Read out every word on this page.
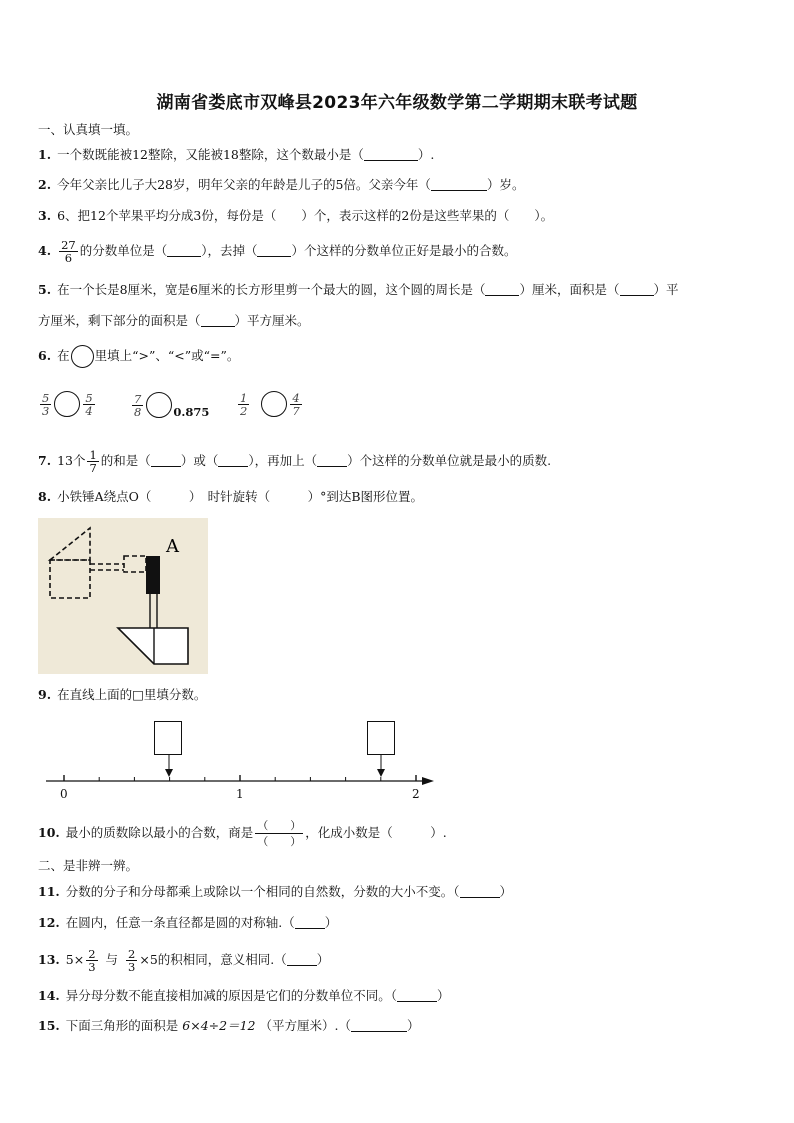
湖南省娄底市双峰县2023年六年级数学第二学期期末联考试题
一、认真填一填。
1. 一个数既能被12整除，又能被18整除，这个数最小是（	）.
2. 今年父亲比儿子大28岁，明年父亲的年龄是儿子的5倍。父亲今年（	）岁。
3. 6、把12个苹果平均分成3份，每份是（　　）个，表示这样的2份是这些苹果的（　　）。
4. $\frac{27}{6}$ 的分数单位是（	），去掉（	）个这样的分数单位正好是最小的合数。
5. 在一个长是8厘米，宽是6厘米的长方形里剪一个最大的圆，这个圆的周长是（	）厘米，面积是（	）平
方厘米，剩下部分的面积是（	）平方厘米。
6. 在 里填上“>”、“<”或“=”。
$\frac{5}{3}$	$\frac{5}{4}$	$\frac{7}{8}$	$0.875 \frac{1}{2}$	$\frac{4}{7}$
7. 13个 $\frac{1}{7}$ 的和是（ ）或（ ），再加上（ ）个这样的分数单位就是最小的质数.
8. 小铁锤A绕点O（　　　）　时针旋转（　　　）°到达B图形位置。
A
9. 在直线上面的□里填分数。
0	1	2
10. 最小的质数除以最小的合数，商是 $\frac{( )}{( )}$ ，化成小数是（　　　）.
二、是非辨一辨。
11. 分数的分子和分母都乘上或除以一个相同的自然数，分数的大小不变。（	）
12. 在圆内，任意一条直径都是圆的对称轴.（ ）
13. $5\times \frac{2}{3}$ 与 $\frac{2}{3} \times 5$的积相同，意义相同.（ ）
14. 异分母分数不能直接相加减的原因是它们的分数单位不同。（	）
15. 下面三角形的面积是 6×4÷2＝12 （平方厘米）.（	）
